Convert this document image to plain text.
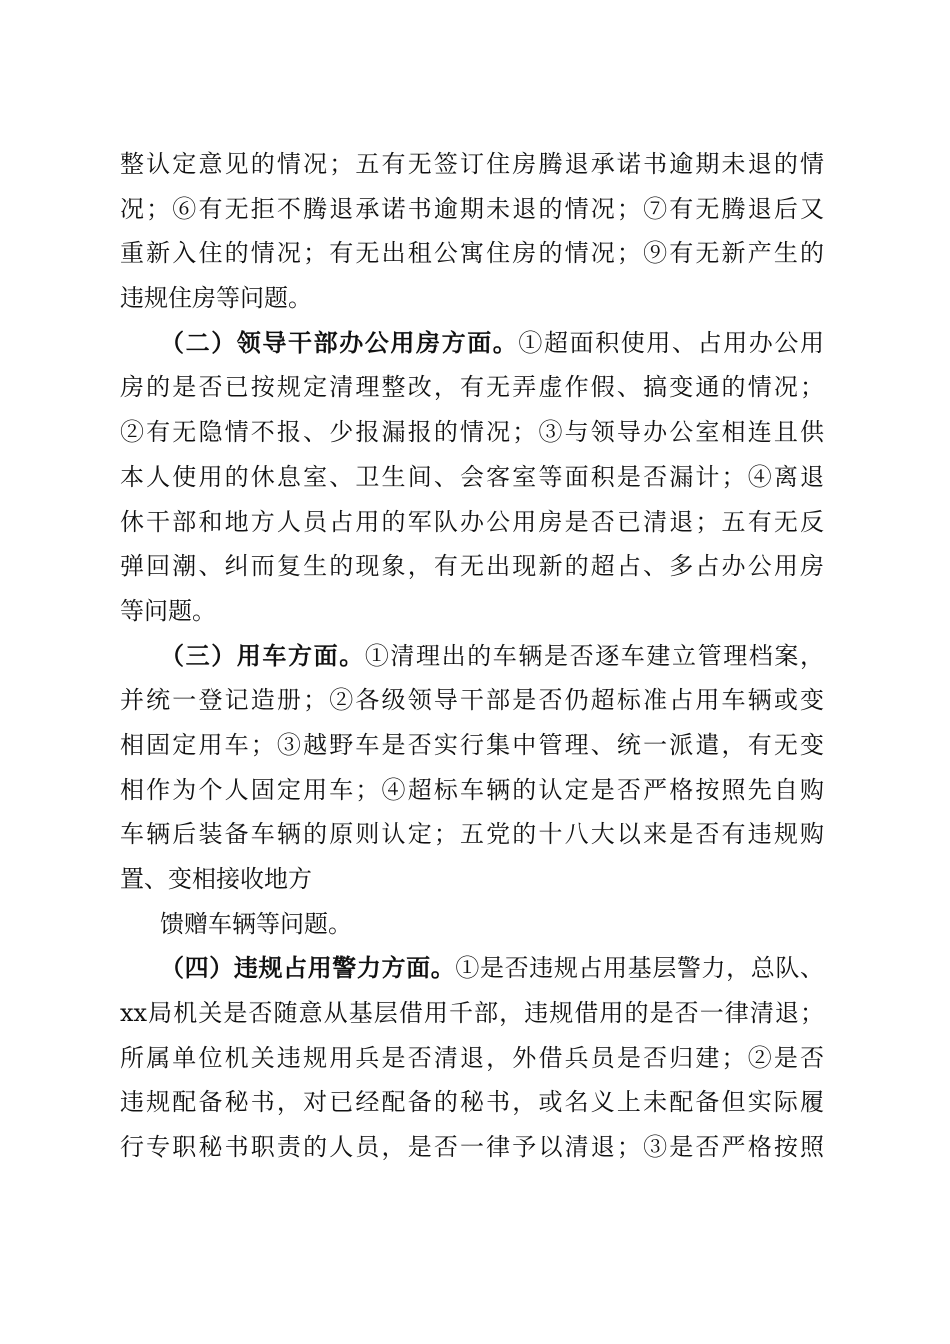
整认定意见的情况；五有无签订住房腾退承诺书逾期未退的情
况；⑥有无拒不腾退承诺书逾期未退的情况；⑦有无腾退后又
重新入住的情况；有无出租公寓住房的情况；⑨有无新产生的
违规住房等问题。
（二）领导干部办公用房方面。①超面积使用、占用办公用
房的是否已按规定清理整改，有无弄虚作假、搞变通的情况；
②有无隐情不报、少报漏报的情况；③与领导办公室相连且供
本人使用的休息室、卫生间、会客室等面积是否漏计；④离退
休干部和地方人员占用的军队办公用房是否已清退；五有无反
弹回潮、纠而复生的现象，有无出现新的超占、多占办公用房
等问题。
（三）用车方面。①清理出的车辆是否逐车建立管理档案，
并统一登记造册；②各级领导干部是否仍超标准占用车辆或变
相固定用车；③越野车是否实行集中管理、统一派遣，有无变
相作为个人固定用车；④超标车辆的认定是否严格按照先自购
车辆后装备车辆的原则认定；五党的十八大以来是否有违规购
置、变相接收地方
馈赠车辆等问题。
（四）违规占用警力方面。①是否违规占用基层警力，总队、
xx局机关是否随意从基层借用千部，违规借用的是否一律清退；
所属单位机关违规用兵是否清退，外借兵员是否归建；②是否
违规配备秘书，对已经配备的秘书，或名义上未配备但实际履
行专职秘书职责的人员，是否一律予以清退；③是否严格按照
